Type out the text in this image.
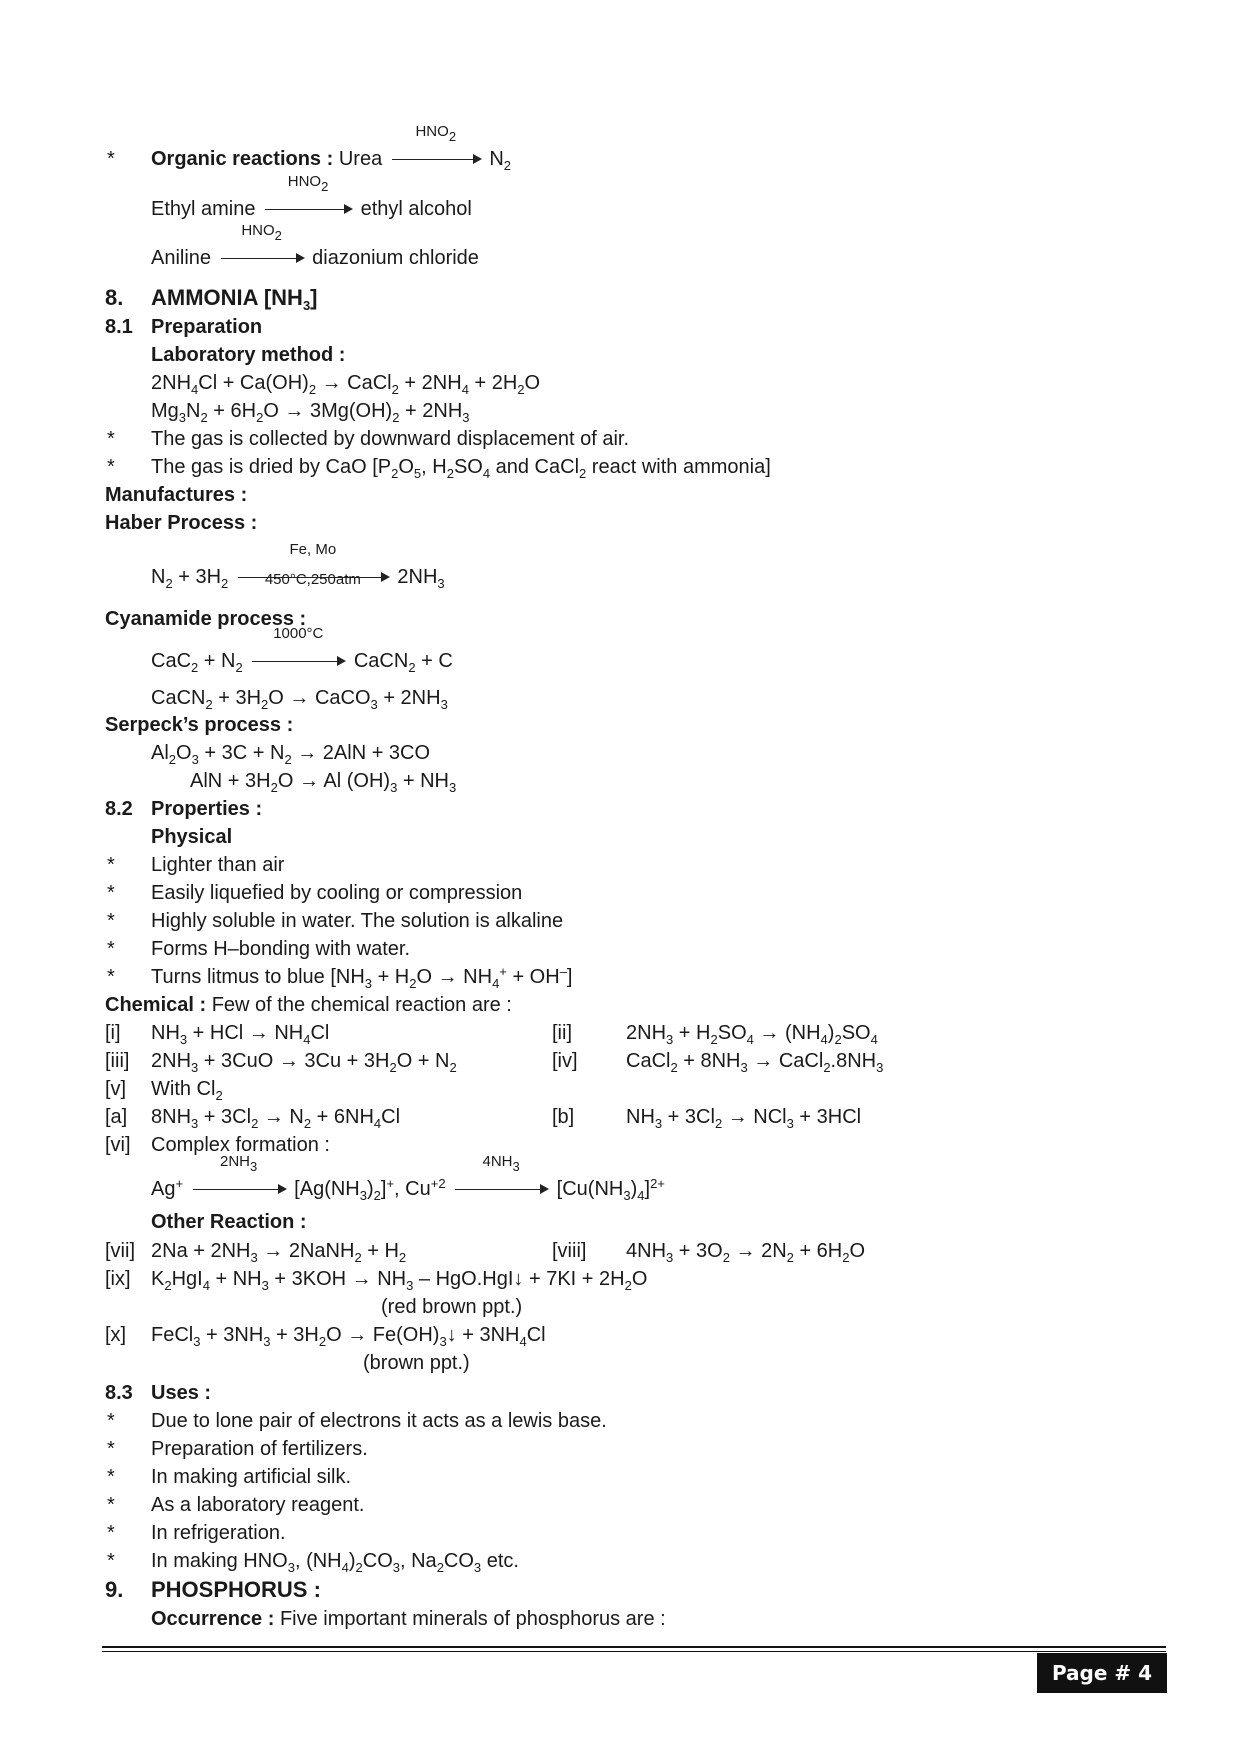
* Organic reactions : Urea
$HNO_2$
$N_2$
Ethyl amine
$HNO_2$
ethyl alcohol
Aniline
$HNO_2$
diazonium chloride
8. AMMONIA $[NH_3]$
8.1 Preparation
Laboratory method :
$2NH_4Cl + Ca(OH)_2$ → CaCl$_2$ + $2NH_4 + 2H_2O$
$Mg_3N_2 + 6H_2O \to 3Mg(OH)_2 + 2NH_3$
* The gas is collected by downward displacement of air.
* The gas is dried by CaO [$P_2O_5$, $H_2SO_4$ and CaCl$_2$ react with ammonia]
Manufactures :
Haber Process :
$N_2 + 3H_2$
Fe, Mo
450°C,250atm	$2NH_3$
Cyanamide process :
$CaC_2 + N_2$
1000°C
CaCN$_2$ + C
CaCN$_2$ + $3H_2O$ → CaCO$_3$ + $2NH_3$
Serpeck’s process :
$Al_2O_3 + 3C + N_2 \to 2AlN + 3CO$
AlN + $3H_2O \to Al$ $(OH)_3 + NH_3$
8.2 Properties :
Physical
* Lighter than air
* Easily liquefied by cooling or compression
* Highly soluble in water. The solution is alkaline
* Forms H–bonding with water.
* Turns litmus to blue $[NH_3 + H_2O \to NH_4^+ + OH^-]$
Chemical : Few of the chemical reaction are :
[i] $NH_3$ + HCl → $NH_4Cl$	[ii]	$2NH_3 + H_2SO_4 \to (NH_4)_2SO_4$
[iii] $2NH_3 + 3CuO \to 3Cu + 3H_2O + N_2$	[iv] CaCl$_2$ + $8NH_3$ → $CaCl_2.8NH_3$
[v] With $Cl_2$
[a] $8NH_3 + 3Cl_2 \to N_2 + 6NH_4Cl$	[b]	$NH_3 + 3Cl_2 \to NCl_3 + 3HCl$
[vi] Complex formation :
Ag+
$2NH_3$
$[Ag(NH_3)_2]^+$, $Cu^{+2}$
$4NH_3$
$[Cu(NH_3)_4]^{2+}$
Other Reaction :
[vii] $2Na + 2NH_3$ → 2NaNH$_2$ + $H_2$	[viii] $4NH_3 + 3O_2 \to 2N_2 + 6H_2O$
[ix] $K_2HgI_4 + NH_3 + 3KOH \to NH_3$ – HgO.HgI↓ + $7KI + 2H_2O$
(red brown ppt.)
[x] FeCl$_3$ + $3NH_3 + 3H_2O$ → $Fe(OH)_3↓ + 3NH_4Cl$
(brown ppt.)
8.3 Uses :
* Due to lone pair of electrons it acts as a lewis base.
* Preparation of fertilizers.
* In making artificial silk.
* As a laboratory reagent.
* In refrigeration.
* In making $HNO_3$, $(NH_4)_2CO_3$, $Na_2CO_3$ etc.
9. PHOSPHORUS :
Occurrence : Five important minerals of phosphorus are :
Page # 4
